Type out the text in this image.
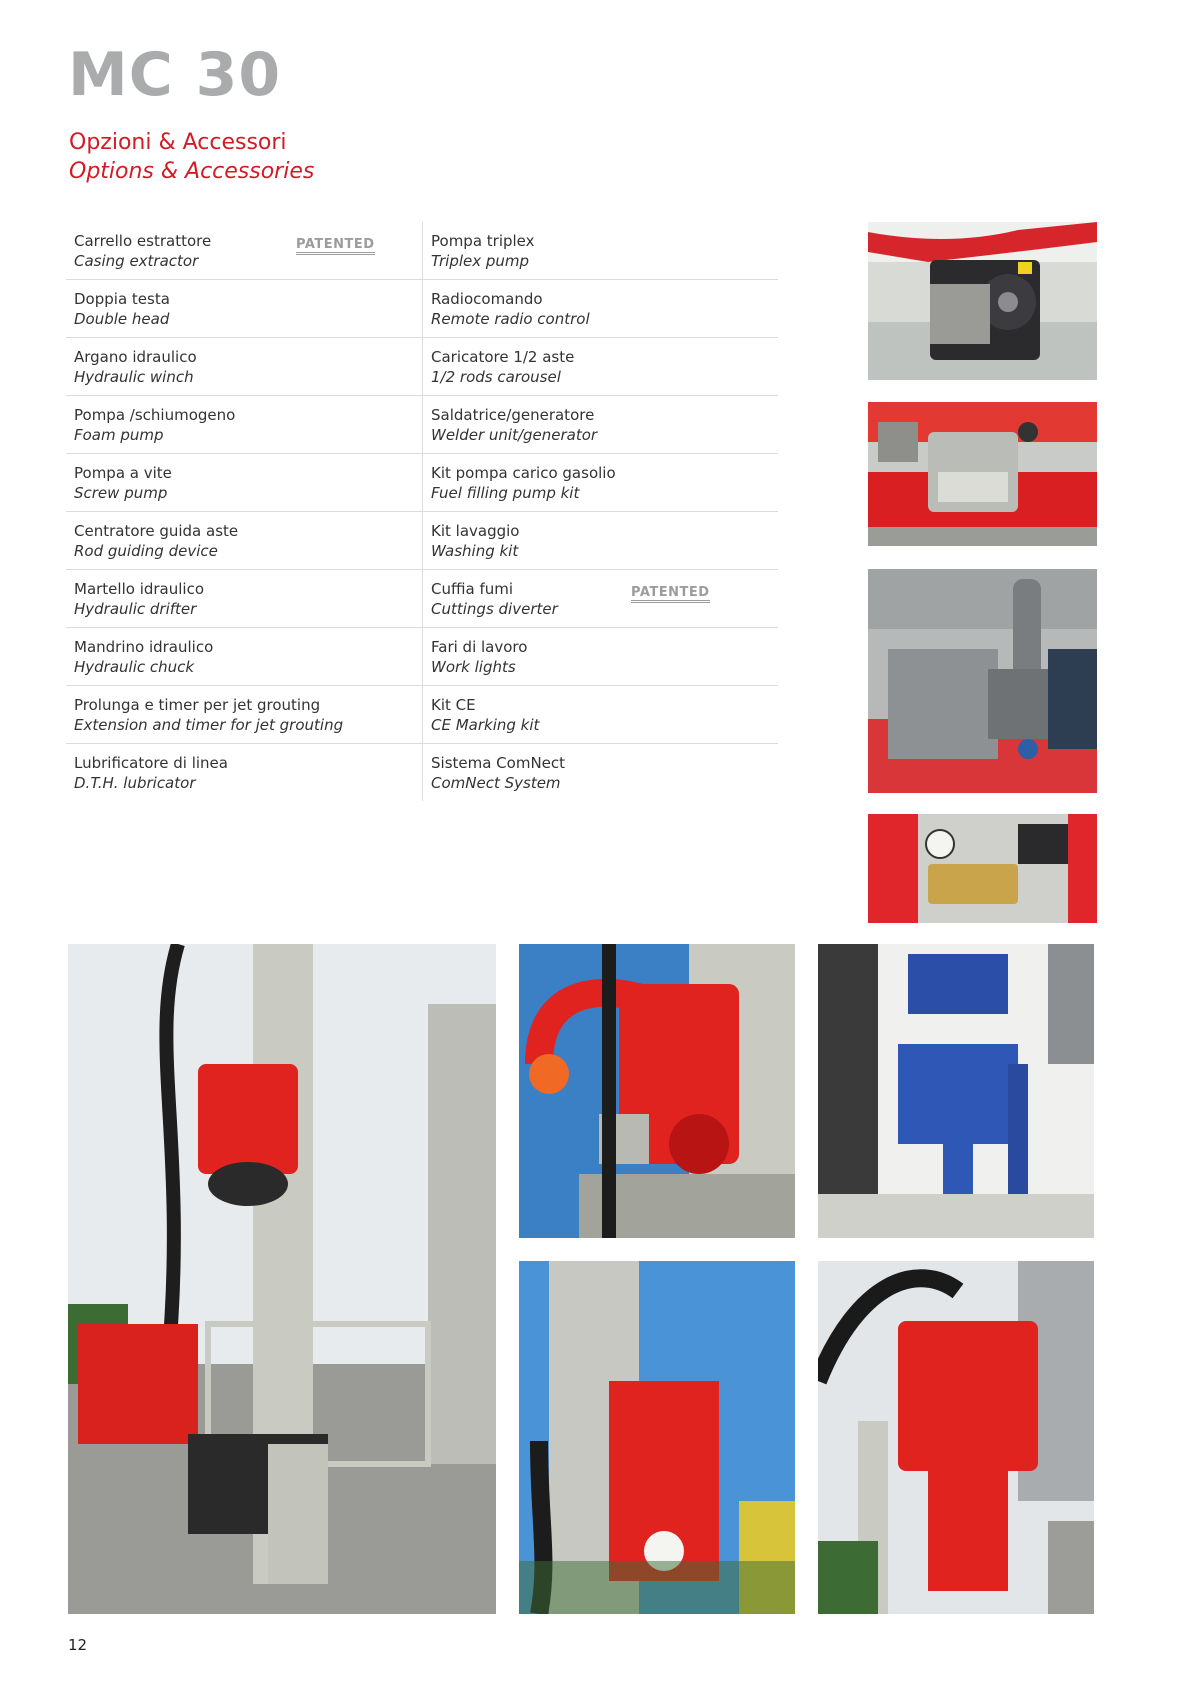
MC 30
Opzioni & Accessori
Options & Accessories
Carrello estrattore
Casing extractor
PATENTED	Pompa triplex
Triplex pump
Doppia testa
Double head
Radiocomando
Remote radio control
Argano idraulico
Hydraulic winch
Caricatore 1/2 aste
1/2 rods carousel
Pompa /schiumogeno
Foam pump
Saldatrice/generatore
Welder unit/generator
Pompa a vite
Screw pump
Kit pompa carico gasolio
Fuel filling pump kit
Centratore guida aste
Rod guiding device
Kit lavaggio
Washing kit
Martello idraulico
Hydraulic drifter
Cuffia fumi
Cuttings diverter
PATENTED
Mandrino idraulico
Hydraulic chuck
Fari di lavoro
Work lights
Prolunga e timer per jet grouting
Extension and timer for jet grouting
Kit CE
CE Marking kit
Lubrificatore di linea
D.T.H. lubricator
Sistema ComNect
ComNect System
12
